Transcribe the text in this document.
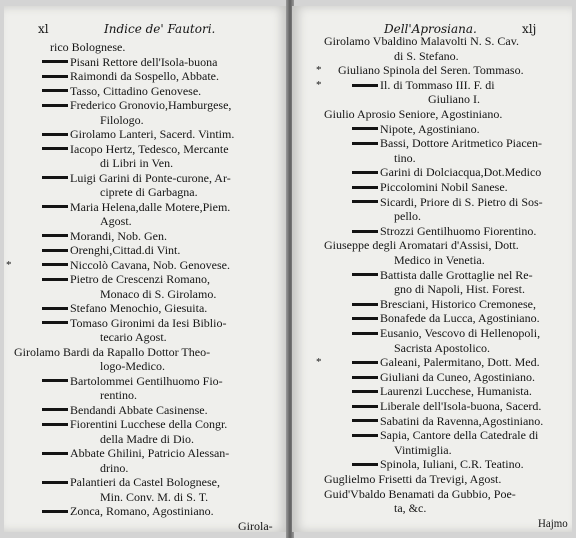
xl	Indice de' Fautori.
rico Bolognese.
Pisani Rettore dell'Isola-buona
Raimondi da Sospello, Abbate.
Tasso, Cittadino Genovese.
Frederico Gronovio,Hamburgese,
Filologo.
Girolamo Lanteri, Sacerd. Vintim.
Iacopo Hertz, Tedesco, Mercante
di Libri in Ven.
Luigi Garini di Ponte-curone, Ar-
ciprete di Garbagna.
Maria Helena,dalle Motere,Piem.
Agost.
Morandi, Nob. Gen.
Orenghi,Cittad.di Vint.
*	Niccolò Cavana, Nob. Genovese.
Pietro de Crescenzi Romano,
Monaco di S. Girolamo.
Stefano Menochio, Giesuita.
Tomaso Gironimi da Iesi Biblio-
tecario Agost.
Girolamo Bardi da Rapallo Dottor Theo-
logo-Medico.
Bartolommei Gentilhuomo Fio-
rentino.
Bendandi Abbate Casinense.
Fiorentini Lucchese della Congr.
della Madre di Dio.
Abbate Ghilini, Patricio Alessan-
drino.
Palantieri da Castel Bolognese,
Min. Conv. M. di S. T.
Zonca, Romano, Agostiniano.
Girola-
Dell'Aprosiana.	xlj
Girolamo Vbaldino Malavolti N. S. Cav.
di S. Stefano.
* Giuliano Spinola del Seren. Tommaso.
*	Il. di Tommaso III. F. di
Giuliano I.
Giulio Aprosio Seniore, Agostiniano.
Nipote, Agostiniano.
Bassi, Dottore Aritmetico Piacen-
tino.
Garini di Dolciacqua,Dot.Medico
Piccolomini Nobil Sanese.
Sicardi, Priore di S. Pietro di Sos-
pello.
Strozzi Gentilhuomo Fiorentino.
Giuseppe degli Aromatari d'Assisi, Dott.
Medico in Venetia.
Battista dalle Grottaglie nel Re-
gno di Napoli, Hist. Forest.
Bresciani, Historico Cremonese,
Bonafede da Lucca, Agostiniano.
Eusanio, Vescovo di Hellenopoli,
Sacrista Apostolico.
*	Galeani, Palermitano, Dott. Med.
Giuliani da Cuneo, Agostiniano.
Laurenzi Lucchese, Humanista.
Liberale dell'Isola-buona, Sacerd.
Sabatini da Ravenna,Agostiniano.
Sapia, Cantore della Catedrale di
Vintimiglia.
Spinola, Iuliani, C.R. Teatino.
Guglielmo Frisetti da Trevigi, Agost.
Guid'Vbaldo Benamati da Gubbio, Poe-
ta, &c.
Hajmo
